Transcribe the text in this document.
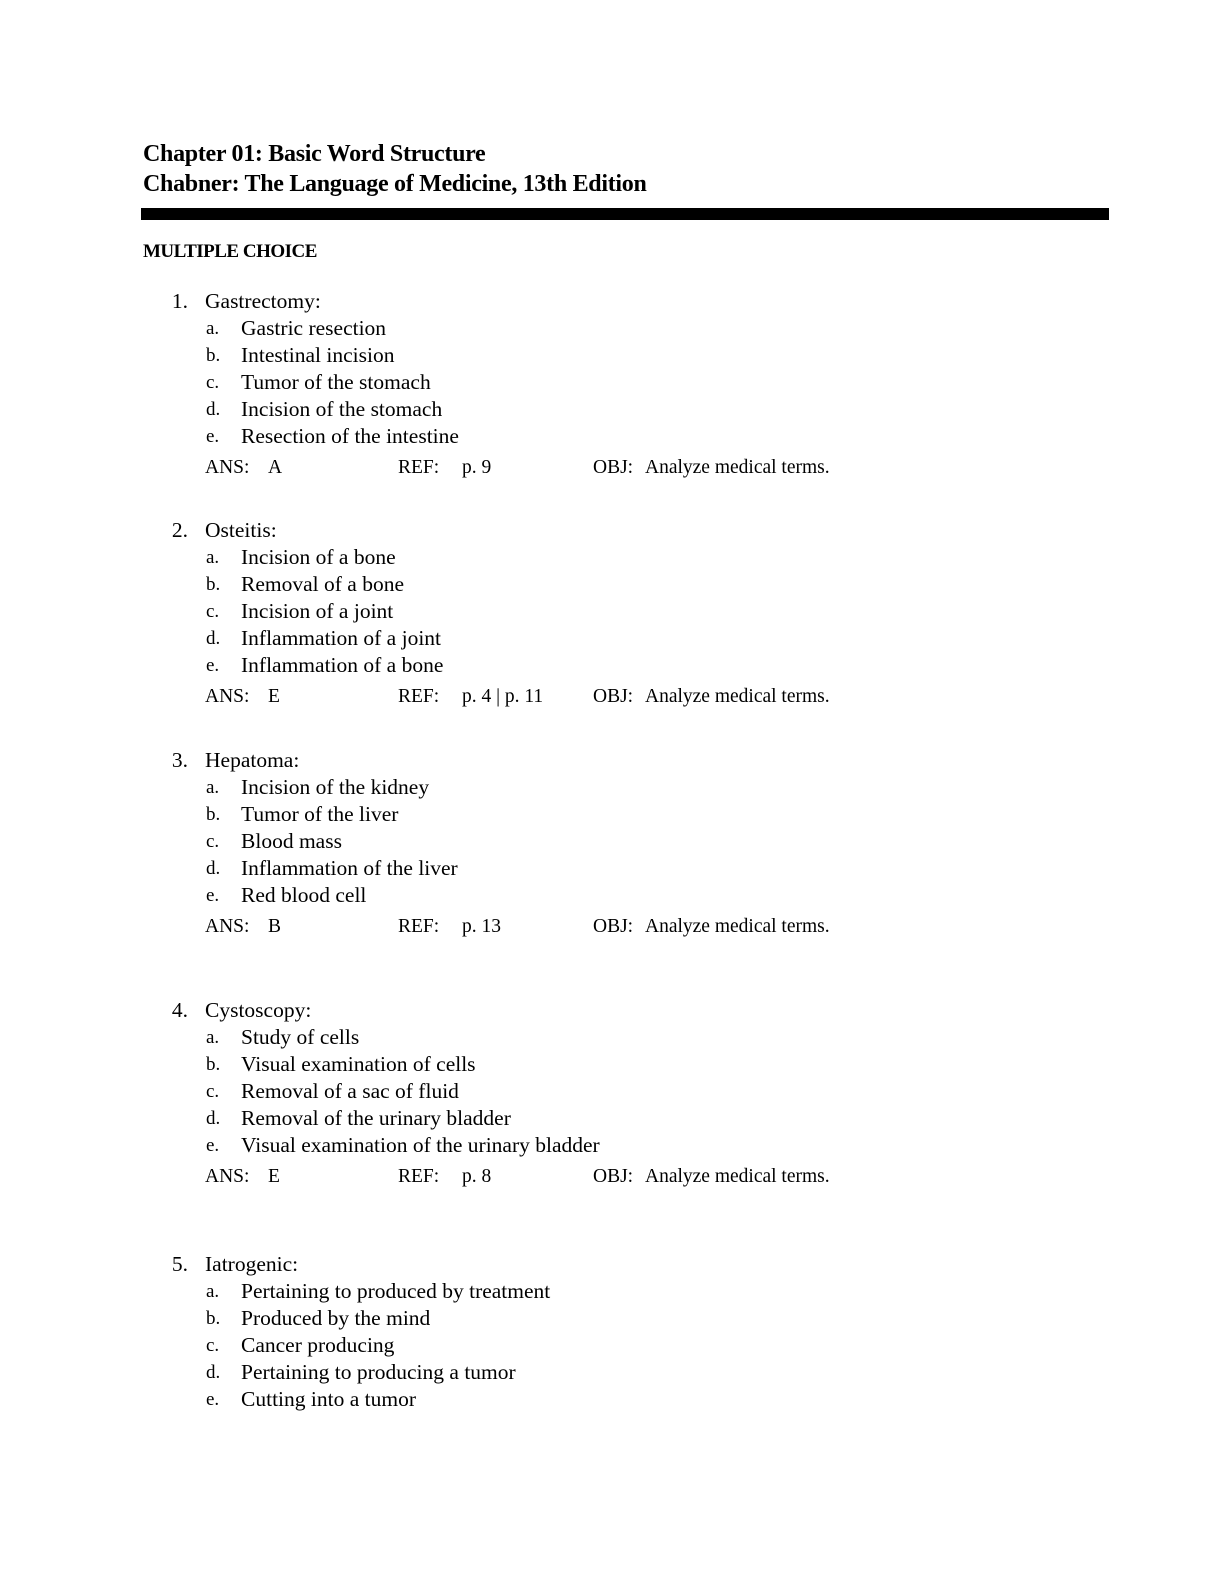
Chapter 01: Basic Word Structure
Chabner: The Language of Medicine, 13th Edition
MULTIPLE CHOICE
1. Gastrectomy:
a. Gastric resection
b. Intestinal incision
c. Tumor of the stomach
d. Incision of the stomach
e. Resection of the intestine
ANS: A	REF: p. 9	OBJ: Analyze medical terms.
2. Osteitis:
a. Incision of a bone
b. Removal of a bone
c. Incision of a joint
d. Inflammation of a joint
e. Inflammation of a bone
ANS: E	REF: p. 4 | p. 11	OBJ: Analyze medical terms.
3. Hepatoma:
a. Incision of the kidney
b. Tumor of the liver
c. Blood mass
d. Inflammation of the liver
e. Red blood cell
ANS: B	REF: p. 13	OBJ: Analyze medical terms.
4. Cystoscopy:
a. Study of cells
b. Visual examination of cells
c. Removal of a sac of fluid
d. Removal of the urinary bladder
e. Visual examination of the urinary bladder
ANS: E	REF: p. 8	OBJ: Analyze medical terms.
5. Iatrogenic:
a. Pertaining to produced by treatment
b. Produced by the mind
c. Cancer producing
d. Pertaining to producing a tumor
e. Cutting into a tumor
